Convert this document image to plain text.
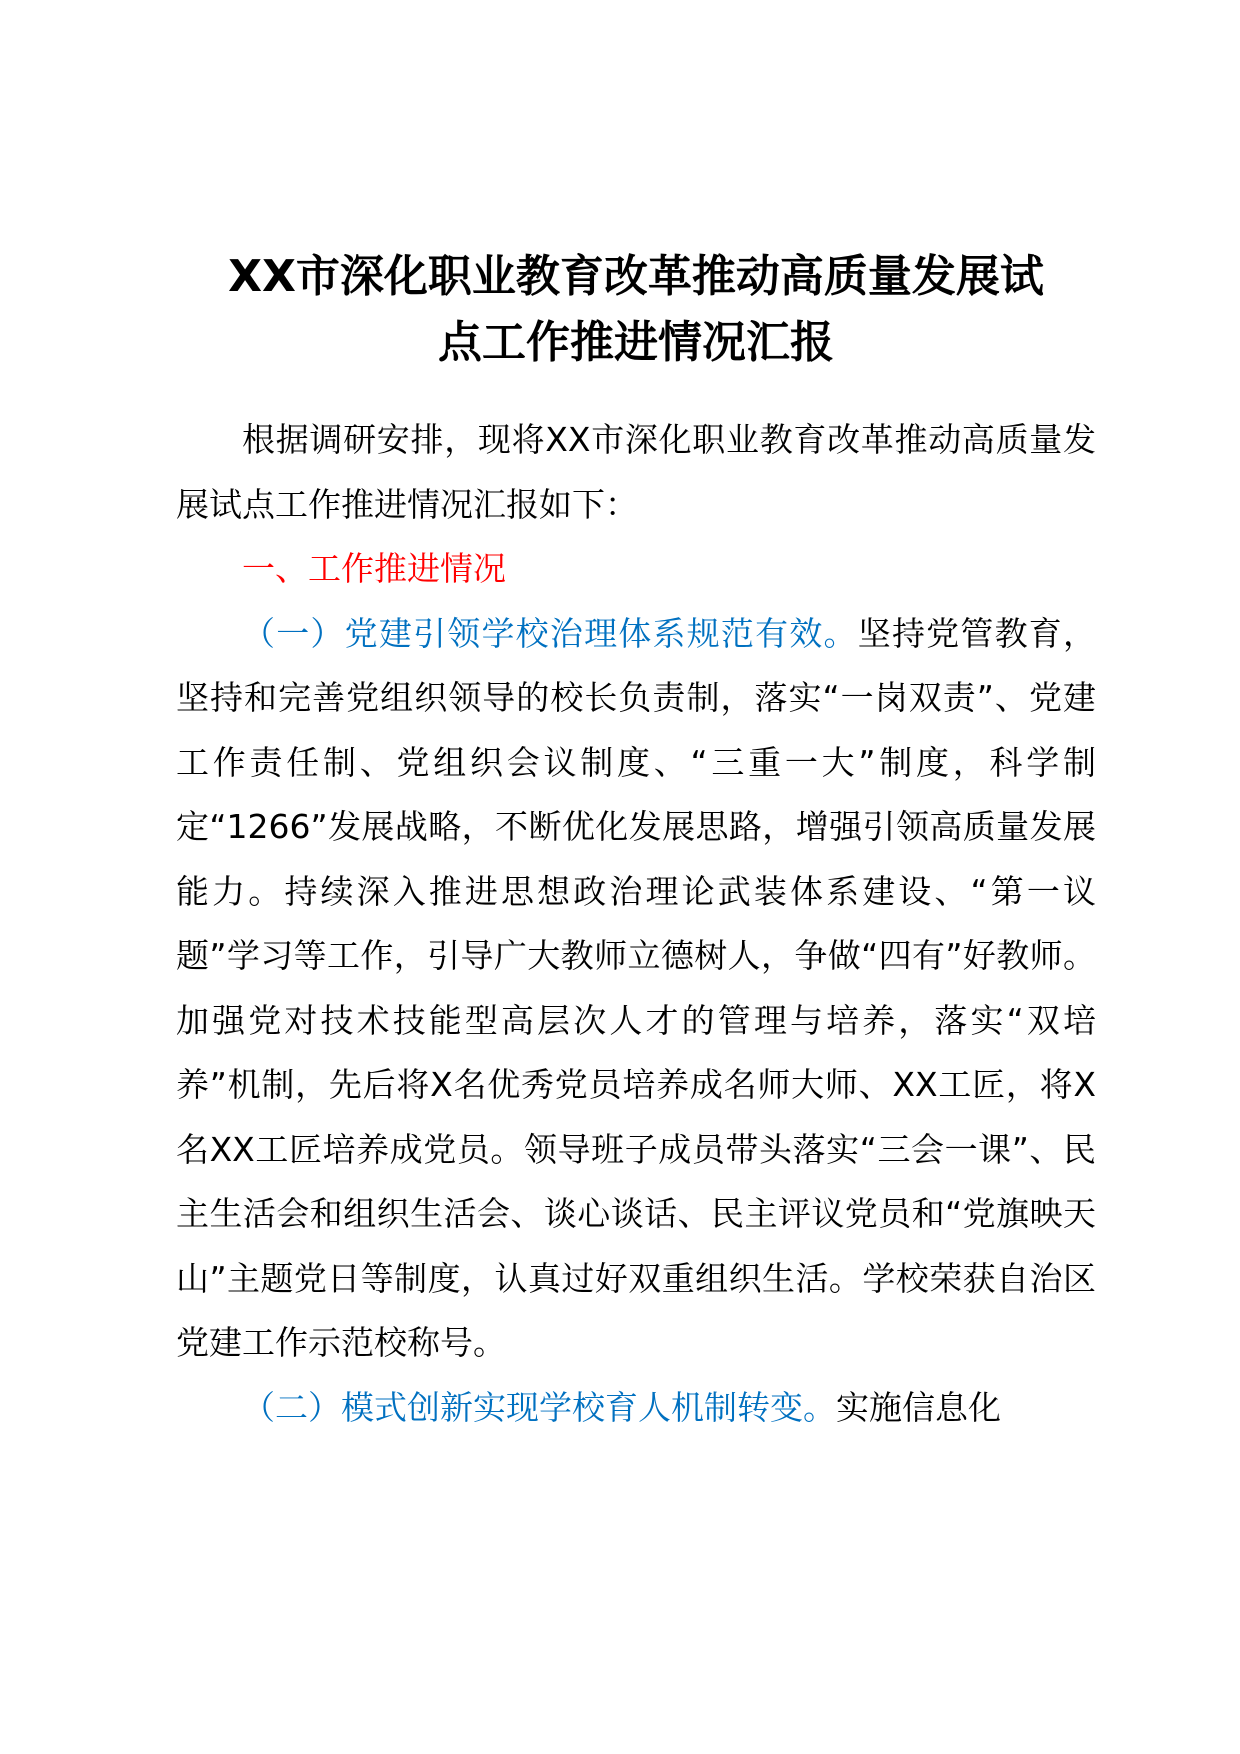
XX市深化职业教育改革推动高质量发展试
点工作推进情况汇报

根据调研安排，现将XX市深化职业教育改革推动高质量发展试点工作推进情况汇报如下：

一、工作推进情况

（一）党建引领学校治理体系规范有效。坚持党管教育，坚持和完善党组织领导的校长负责制，落实“一岗双责”、党建工作责任制、党组织会议制度、“三重一大”制度，科学制定“1266”发展战略，不断优化发展思路，增强引领高质量发展能力。持续深入推进思想政治理论武装体系建设、“第一议题”学习等工作，引导广大教师立德树人，争做“四有”好教师。加强党对技术技能型高层次人才的管理与培养，落实“双培养”机制，先后将X名优秀党员培养成名师大师、XX工匠，将X名XX工匠培养成党员。领导班子成员带头落实“三会一课”、民主生活会和组织生活会、谈心谈话、民主评议党员和“党旗映天山”主题党日等制度，认真过好双重组织生活。学校荣获自治区党建工作示范校称号。

（二）模式创新实现学校育人机制转变。实施信息化
